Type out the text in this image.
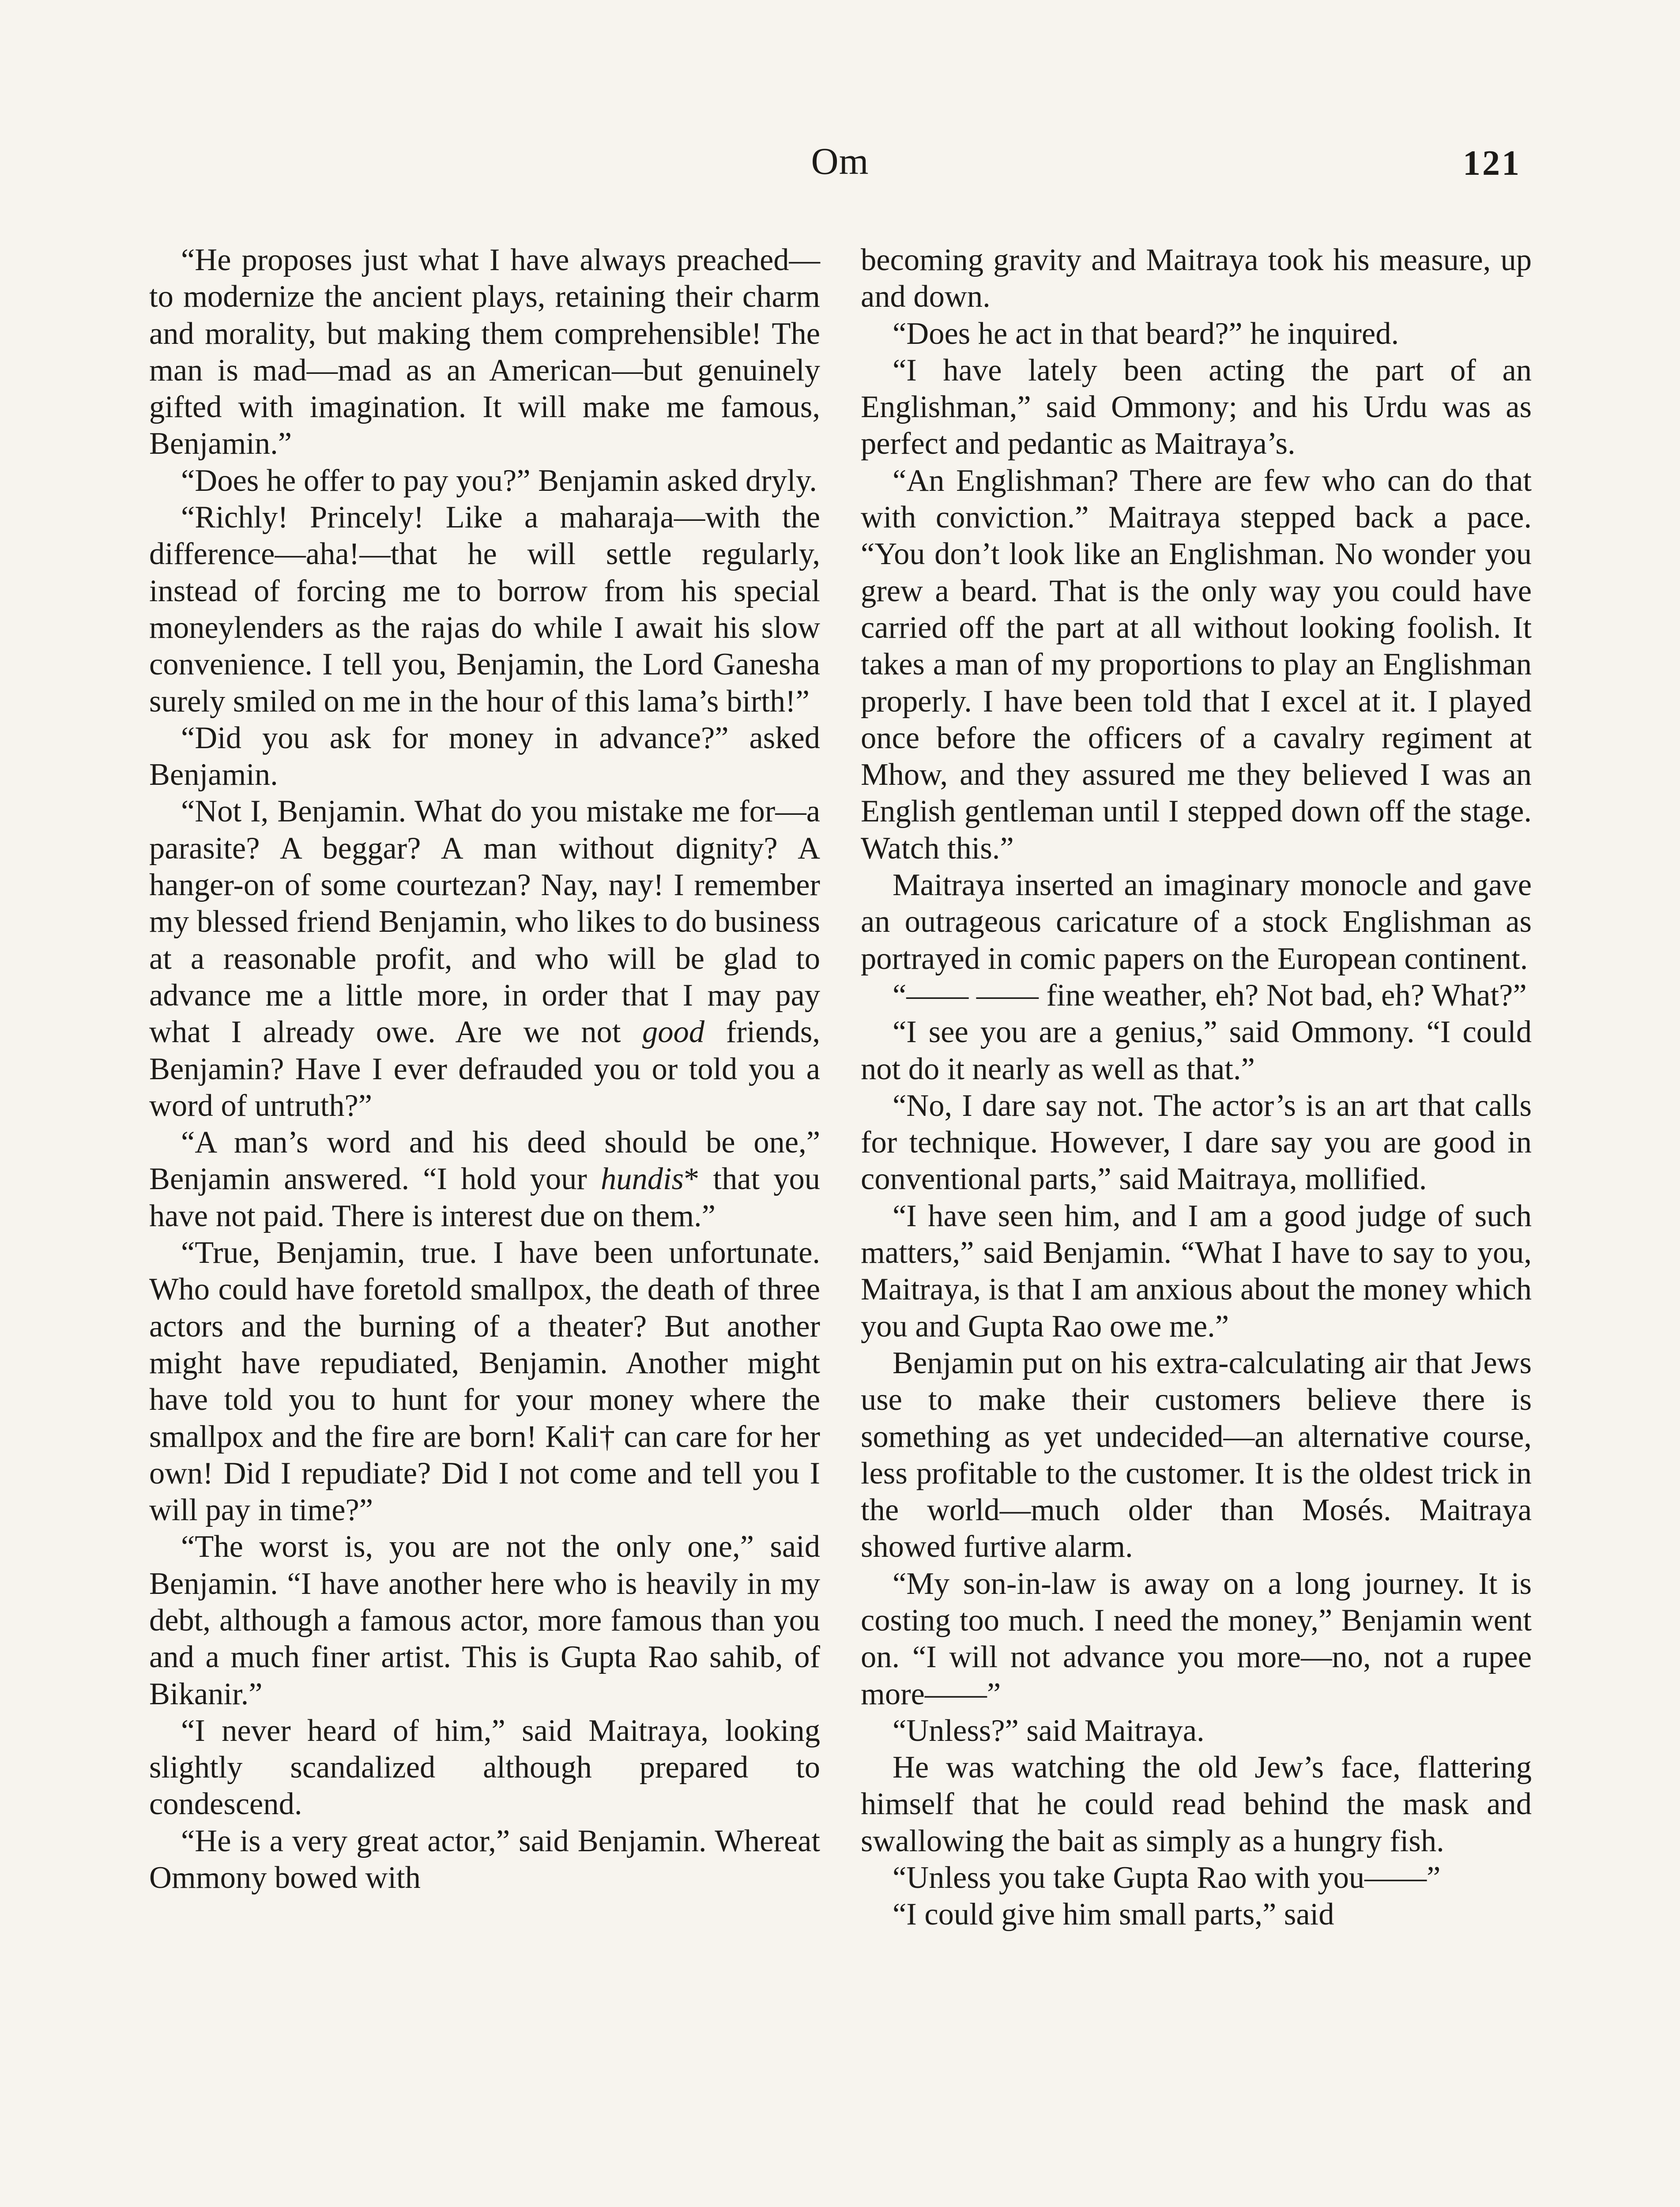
Om	121

“He proposes just what I have always preached—to modernize the ancient plays, retaining their charm and morality, but making them comprehensible! The man is mad—mad as an American—but genuinely gifted with imagination. It will make me famous, Benjamin.”

“Does he offer to pay you?” Benjamin asked dryly.

“Richly! Princely! Like a maharaja—with the difference—aha!—that he will settle regularly, instead of forcing me to borrow from his special moneylenders as the rajas do while I await his slow convenience. I tell you, Benjamin, the Lord Ganesha surely smiled on me in the hour of this lama’s birth!”

“Did you ask for money in advance?” asked Benjamin.

“Not I, Benjamin. What do you mistake me for—a parasite? A beggar? A man without dignity? A hanger-on of some courtezan? Nay, nay! I remember my blessed friend Benjamin, who likes to do business at a reasonable profit, and who will be glad to advance me a little more, in order that I may pay what I already owe. Are we not good friends, Benjamin? Have I ever defrauded you or told you a word of untruth?”

“A man’s word and his deed should be one,” Benjamin answered. “I hold your hundis* that you have not paid. There is interest due on them.”

“True, Benjamin, true. I have been unfortunate. Who could have foretold smallpox, the death of three actors and the burning of a theater? But another might have repudiated, Benjamin. Another might have told you to hunt for your money where the smallpox and the fire are born! Kali† can care for her own! Did I repudiate? Did I not come and tell you I will pay in time?”

“The worst is, you are not the only one,” said Benjamin. “I have another here who is heavily in my debt, although a famous actor, more famous than you and a much finer artist. This is Gupta Rao sahib, of Bikanir.”

“I never heard of him,” said Maitraya, looking slightly scandalized although prepared to condescend.

“He is a very great actor,” said Benjamin. Whereat Ommony bowed with

becoming gravity and Maitraya took his measure, up and down.

“Does he act in that beard?” he inquired.

“I have lately been acting the part of an Englishman,” said Ommony; and his Urdu was as perfect and pedantic as Maitraya’s.

“An Englishman? There are few who can do that with conviction.” Maitraya stepped back a pace. “You don’t look like an Englishman. No wonder you grew a beard. That is the only way you could have carried off the part at all without looking foolish. It takes a man of my proportions to play an Englishman properly. I have been told that I excel at it. I played once before the officers of a cavalry regiment at Mhow, and they assured me they believed I was an English gentleman until I stepped down off the stage. Watch this.”

Maitraya inserted an imaginary monocle and gave an outrageous caricature of a stock Englishman as portrayed in comic papers on the European continent.

“—— —— fine weather, eh? Not bad, eh? What?”

“I see you are a genius,” said Ommony. “I could not do it nearly as well as that.”

“No, I dare say not. The actor’s is an art that calls for technique. However, I dare say you are good in conventional parts,” said Maitraya, mollified.

“I have seen him, and I am a good judge of such matters,” said Benjamin. “What I have to say to you, Maitraya, is that I am anxious about the money which you and Gupta Rao owe me.”

Benjamin put on his extra-calculating air that Jews use to make their customers believe there is something as yet undecided—an alternative course, less profitable to the customer. It is the oldest trick in the world—much older than Mosés. Maitraya showed furtive alarm.

“My son-in-law is away on a long journey. It is costing too much. I need the money,” Benjamin went on. “I will not advance you more—no, not a rupee more——”

“Unless?” said Maitraya.

He was watching the old Jew’s face, flattering himself that he could read behind the mask and swallowing the bait as simply as a hungry fish.

“Unless you take Gupta Rao with you——”

“I could give him small parts,” said
